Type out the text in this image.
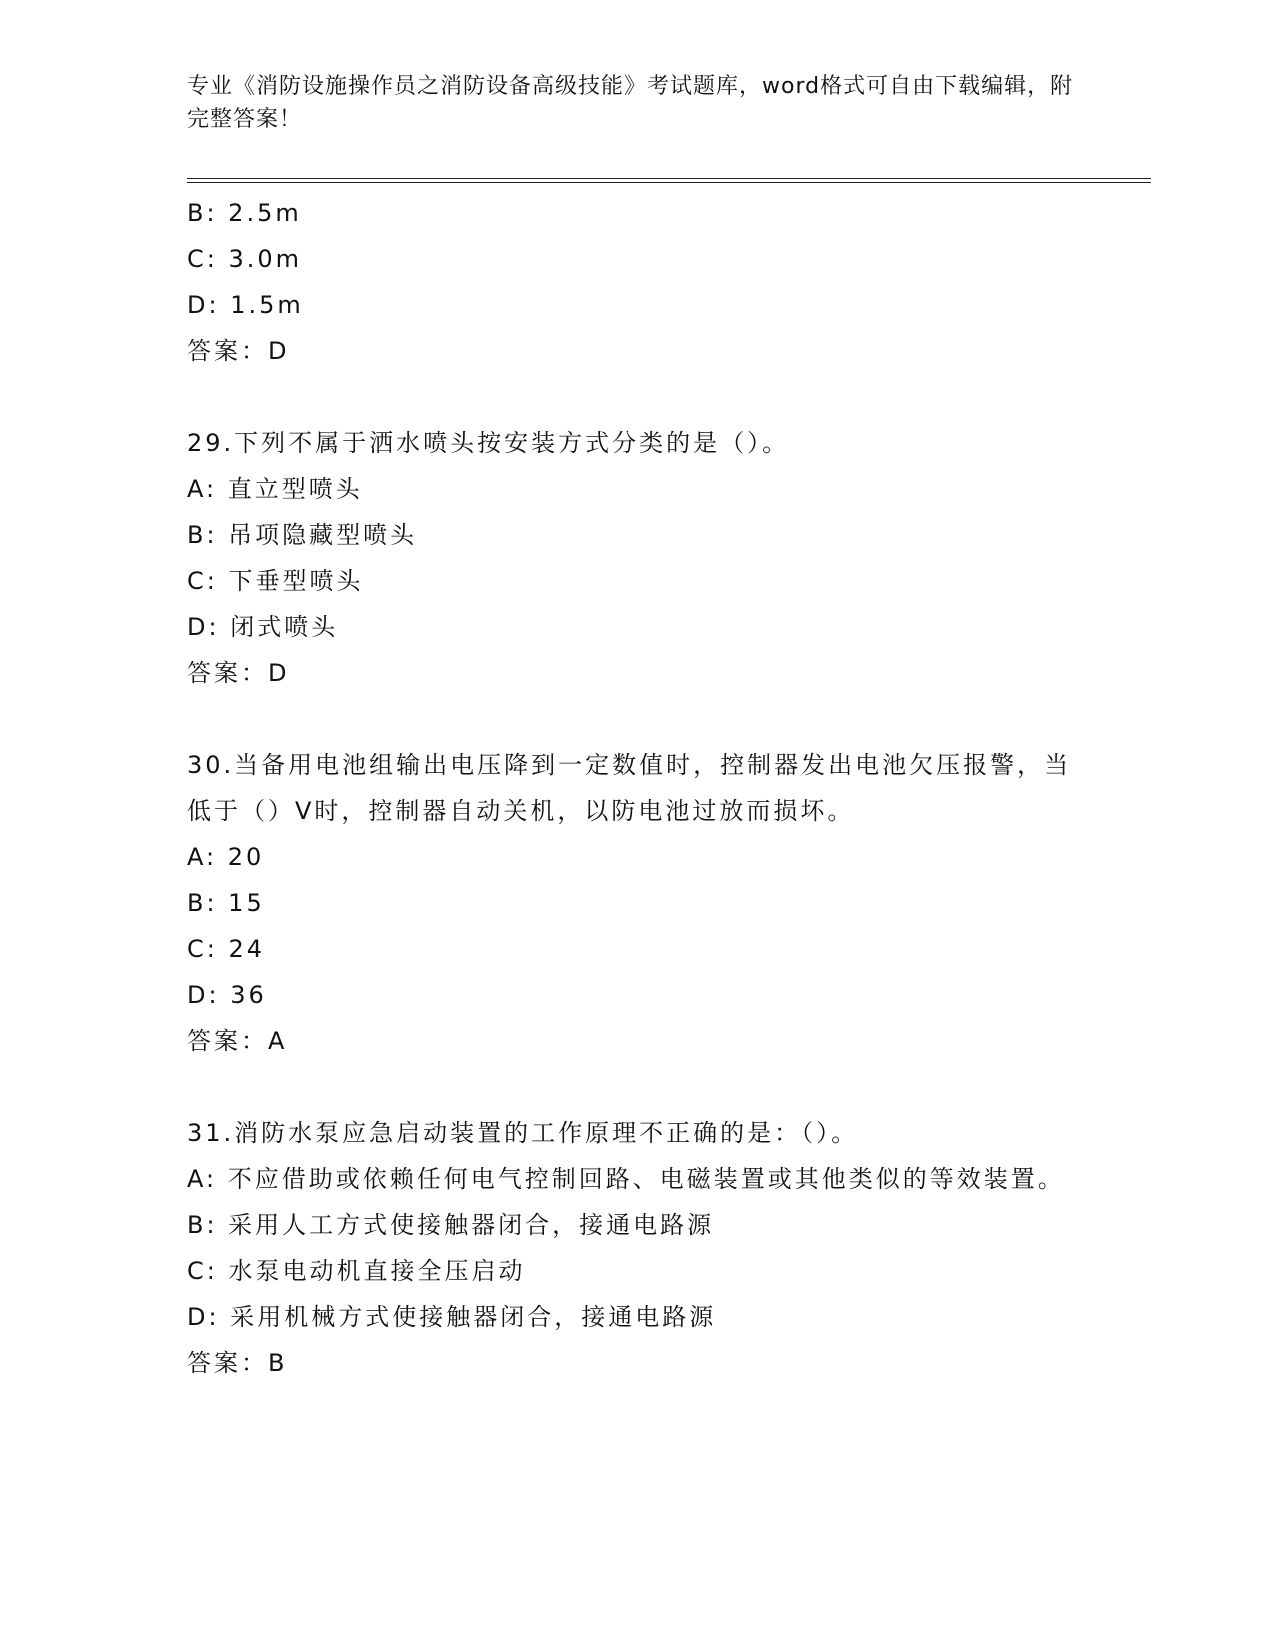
专业《消防设施操作员之消防设备高级技能》考试题库，word格式可自由下载编辑，附完整答案！
B: 2.5m
C: 3.0m
D: 1.5m
答案：D
29.下列不属于洒水喷头按安装方式分类的是（）。
A: 直立型喷头
B: 吊项隐藏型喷头
C: 下垂型喷头
D: 闭式喷头
答案：D
30.当备用电池组输出电压降到一定数值时，控制器发出电池欠压报警，当低于（）V时，控制器自动关机，以防电池过放而损坏。
A: 20
B: 15
C: 24
D: 36
答案：A
31.消防水泵应急启动装置的工作原理不正确的是：（）。
A: 不应借助或依赖任何电气控制回路、电磁装置或其他类似的等效装置。
B: 采用人工方式使接触器闭合，接通电路源
C: 水泵电动机直接全压启动
D: 采用机械方式使接触器闭合，接通电路源
答案：B
